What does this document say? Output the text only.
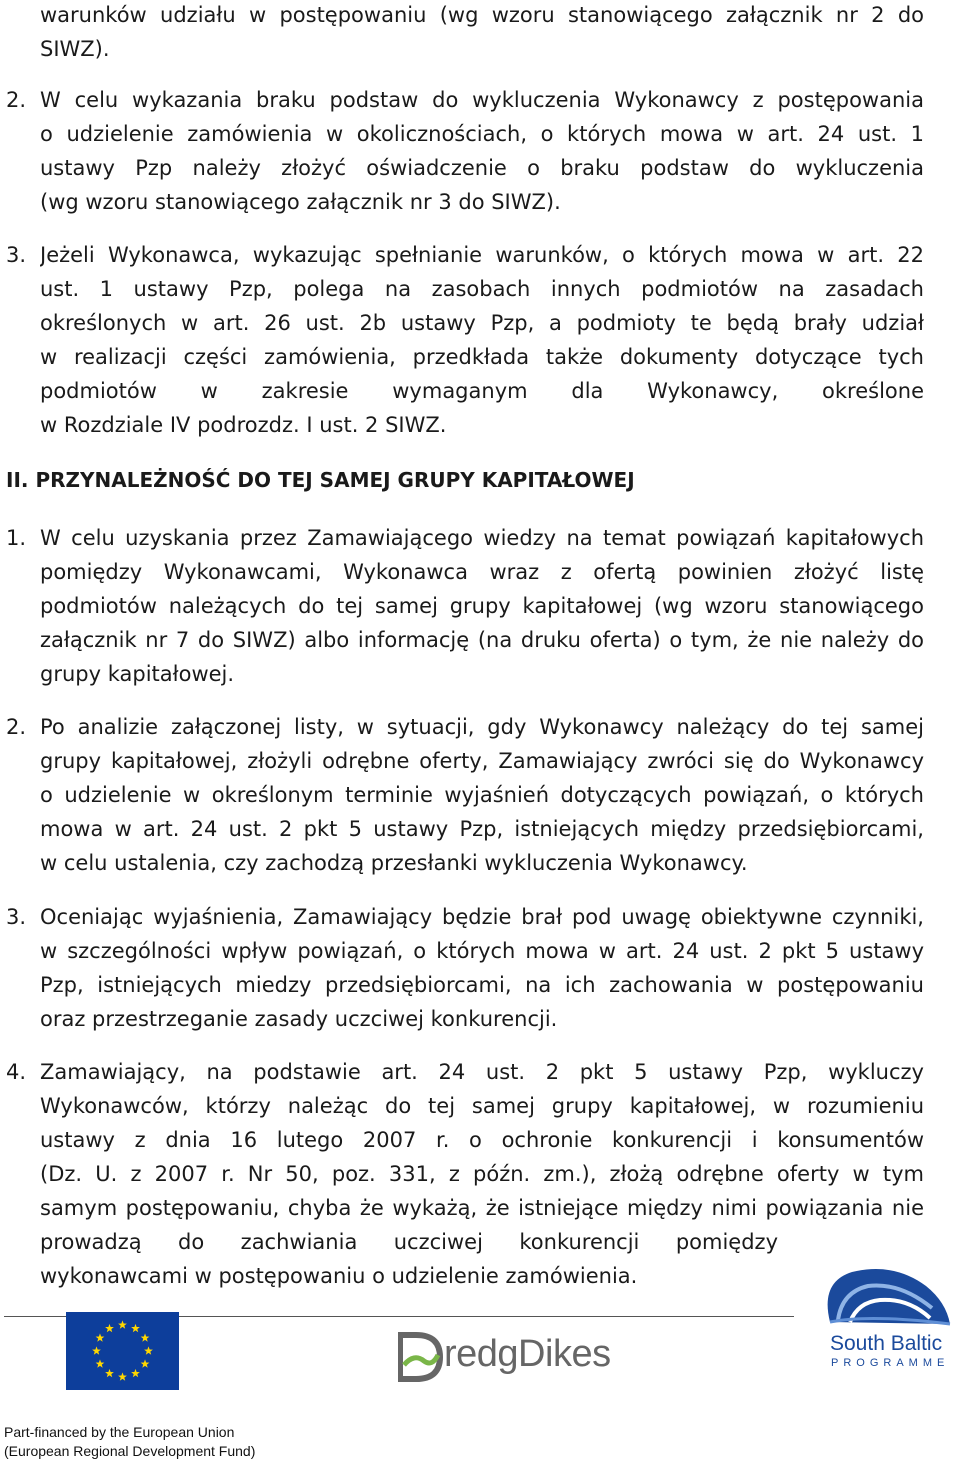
warunków udziału w postępowaniu (wg wzoru stanowiącego załącznik nr 2 do
SIWZ).
2. W celu wykazania braku podstaw do wykluczenia Wykonawcy z postępowania
o udzielenie zamówienia w okolicznościach, o których mowa w art. 24 ust. 1
ustawy Pzp należy złożyć oświadczenie o braku podstaw do wykluczenia
(wg wzoru stanowiącego załącznik nr 3 do SIWZ).
3. Jeżeli Wykonawca, wykazując spełnianie warunków, o których mowa w art. 22
ust. 1 ustawy Pzp, polega na zasobach innych podmiotów na zasadach
określonych w art. 26 ust. 2b ustawy Pzp, a podmioty te będą brały udział
w realizacji części zamówienia, przedkłada także dokumenty dotyczące tych
podmiotów w zakresie wymaganym dla Wykonawcy, określone
w Rozdziale IV podrozdz. I ust. 2 SIWZ.
II. PRZYNALEŻNOŚĆ DO TEJ SAMEJ GRUPY KAPITAŁOWEJ
1. W celu uzyskania przez Zamawiającego wiedzy na temat powiązań kapitałowych
pomiędzy Wykonawcami, Wykonawca wraz z ofertą powinien złożyć listę
podmiotów należących do tej samej grupy kapitałowej (wg wzoru stanowiącego
załącznik nr 7 do SIWZ) albo informację (na druku oferta) o tym, że nie należy do
grupy kapitałowej.
2. Po analizie załączonej listy, w sytuacji, gdy Wykonawcy należący do tej samej
grupy kapitałowej, złożyli odrębne oferty, Zamawiający zwróci się do Wykonawcy
o udzielenie w określonym terminie wyjaśnień dotyczących powiązań, o których
mowa w art. 24 ust. 2 pkt 5 ustawy Pzp, istniejących między przedsiębiorcami,
w celu ustalenia, czy zachodzą przesłanki wykluczenia Wykonawcy.
3. Oceniając wyjaśnienia, Zamawiający będzie brał pod uwagę obiektywne czynniki,
w szczególności wpływ powiązań, o których mowa w art. 24 ust. 2 pkt 5 ustawy
Pzp, istniejących miedzy przedsiębiorcami, na ich zachowania w postępowaniu
oraz przestrzeganie zasady uczciwej konkurencji.
4. Zamawiający, na podstawie art. 24 ust. 2 pkt 5 ustawy Pzp, wykluczy
Wykonawców, którzy należąc do tej samej grupy kapitałowej, w rozumieniu
ustawy z dnia 16 lutego 2007 r. o ochronie konkurencji i konsumentów
(Dz. U. z 2007 r. Nr 50, poz. 331, z późn. zm.), złożą odrębne oferty w tym
samym postępowaniu, chyba że wykażą, że istniejące między nimi powiązania nie
prowadzą do zachwiania uczciwej konkurencji pomiędzy
wykonawcami w postępowaniu o udzielenie zamówienia.
redgDikes	South Baltic
PROGRAMME
Part-financed by the European Union
(European Regional Development Fund)
